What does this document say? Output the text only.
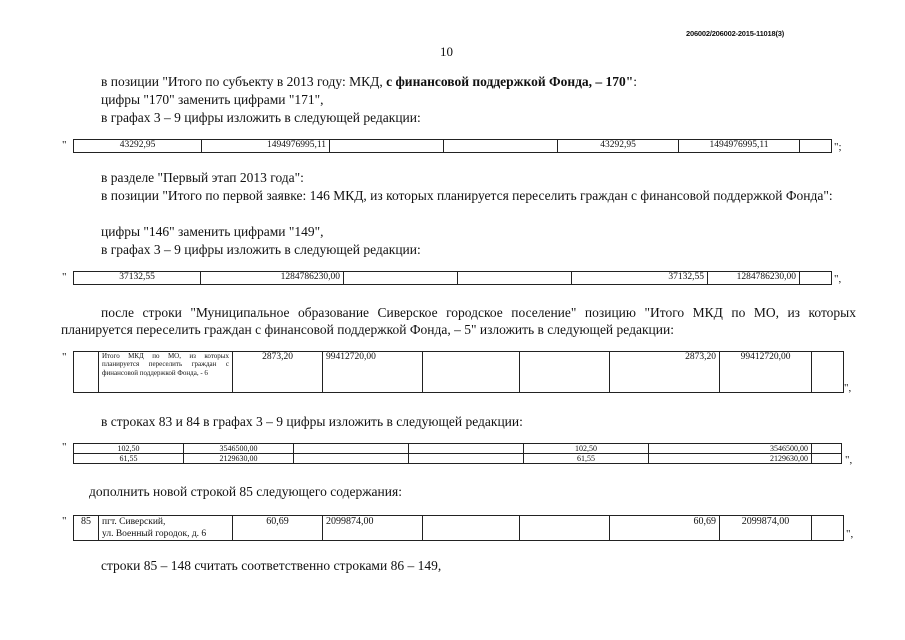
206002/206002-2015-11018(3)
10
в позиции "Итого по субъекту в 2013 году: МКД, с финансовой поддержкой Фонда, – 170":
цифры "170" заменить цифрами "171",
в графах 3 – 9 цифры изложить в следующей редакции:
"	43292,95	1494976995,11			43292,95	1494976995,11		";
в разделе "Первый этап 2013 года":
в позиции "Итого по первой заявке: 146 МКД, из которых планируется переселить граждан с финансовой поддержкой Фонда":
цифры "146" заменить цифрами "149",
в графах 3 – 9 цифры изложить в следующей редакции:
"	37132,55	1284786230,00			37132,55	1284786230,00		",
после строки "Муниципальное образование Сиверское городское поселение" позицию "Итого МКД по МО, из которых планируется переселить граждан с финансовой поддержкой Фонда, – 5" изложить в следующей редакции:
"
		Итого МКД по МО, из которых планируется переселить граждан с финансовой поддержкой Фонда, - 6	2873,20	99412720,00			2873,20	99412720,00	
",
в строках 83 и 84 в графах 3 – 9 цифры изложить в следующей редакции:
"	102,50	3546500,00			102,50	3546500,00	
61,55	2129630,00			61,55	2129630,00		",
дополнить новой строкой 85 следующего содержания:
" 85	пгт. Сиверский,
ул. Военный городок, д. 6
	60,69	2099874,00			60,69	2099874,00	
",
строки 85 – 148 считать соответственно строками 86 – 149,
